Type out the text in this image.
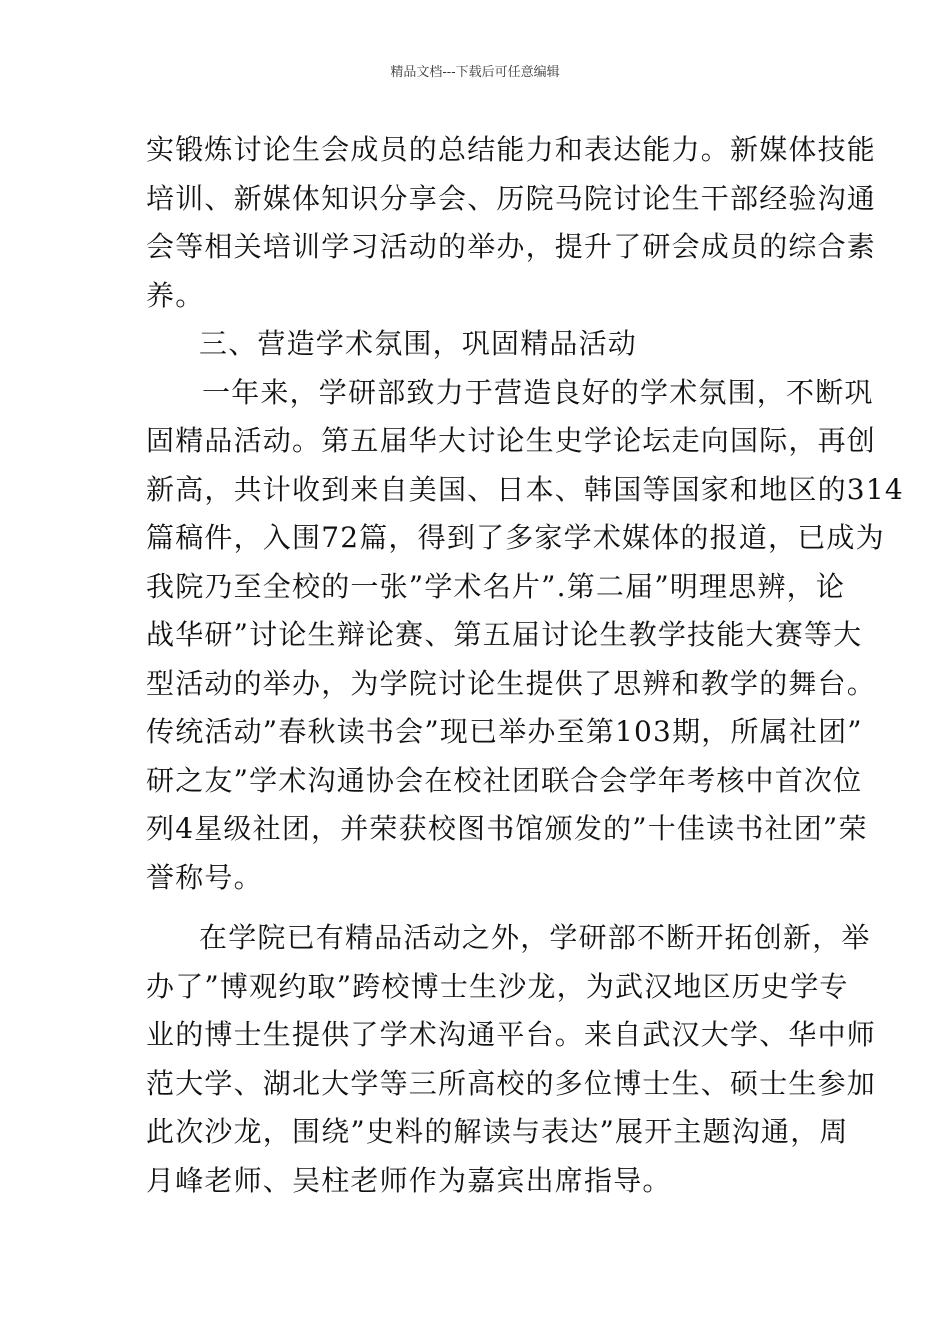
精品文档---下载后可任意编辑
实锻炼讨论生会成员的总结能力和表达能力。新媒体技能
培训、新媒体知识分享会、历院马院讨论生干部经验沟通
会等相关培训学习活动的举办，提升了研会成员的综合素
养。
三、营造学术氛围，巩固精品活动
一年来，学研部致力于营造良好的学术氛围，不断巩
固精品活动。第五届华大讨论生史学论坛走向国际，再创
新高，共计收到来自美国、日本、韩国等国家和地区的314
篇稿件，入围72篇，得到了多家学术媒体的报道，已成为
我院乃至全校的一张”学术名片”.第二届”明理思辨，论
战华研”讨论生辩论赛、第五届讨论生教学技能大赛等大
型活动的举办，为学院讨论生提供了思辨和教学的舞台。
传统活动”春秋读书会”现已举办至第103期，所属社团”
研之友”学术沟通协会在校社团联合会学年考核中首次位
列4星级社团，并荣获校图书馆颁发的”十佳读书社团”荣
誉称号。
在学院已有精品活动之外，学研部不断开拓创新，举
办了”博观约取”跨校博士生沙龙，为武汉地区历史学专
业的博士生提供了学术沟通平台。来自武汉大学、华中师
范大学、湖北大学等三所高校的多位博士生、硕士生参加
此次沙龙，围绕”史料的解读与表达”展开主题沟通，周
月峰老师、吴柱老师作为嘉宾出席指导。
